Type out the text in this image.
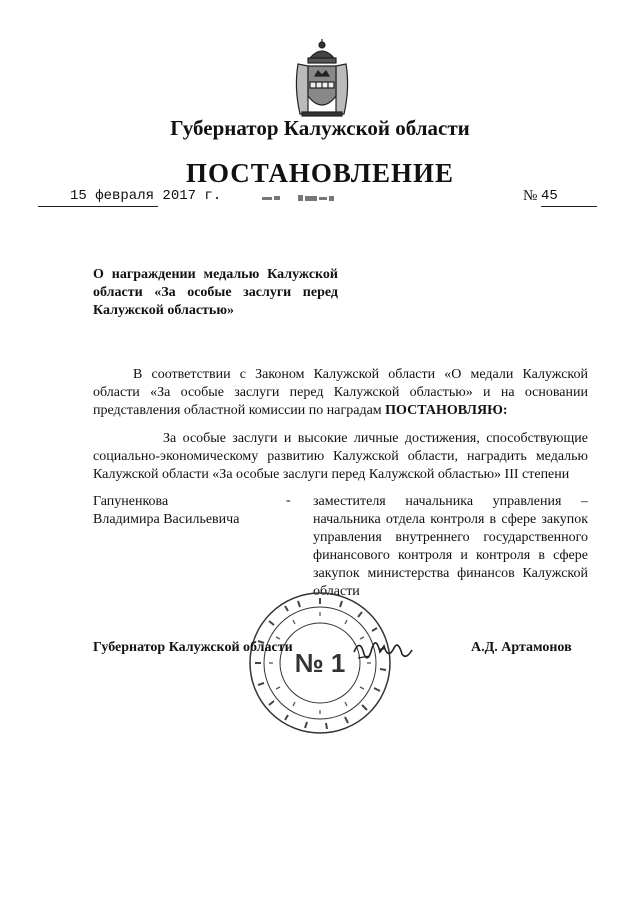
Губернатор Калужской области
ПОСТАНОВЛЕНИЕ
15 февраля 2017 г.	№ 45
О награждении медалью Калужской области «За особые заслуги перед Калужской областью»
В соответствии с Законом Калужской области «О медали Калужской области «За особые заслуги перед Калужской областью» и на основании представления областной комиссии по наградам ПОСТАНОВЛЯЮ:
За особые заслуги и высокие личные достижения, способствующие социально-экономическому развитию Калужской области, наградить медалью Калужской области «За особые заслуги перед Калужской областью» III степени
Гапуненкова
Владимира Васильевича
- заместителя начальника управления – начальника отдела контроля в сфере закупок управления внутреннего государственного финансового контроля и контроля в сфере закупок министерства финансов Калужской области
№ 1
Губернатор Калужской области	А.Д. Артамонов
